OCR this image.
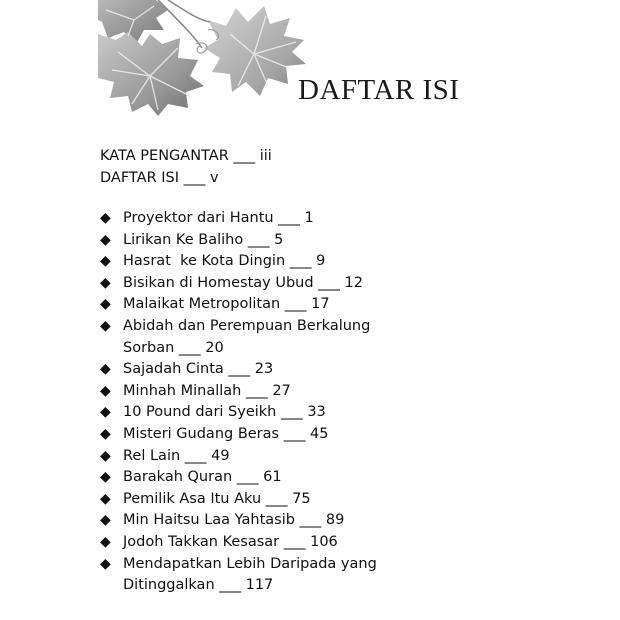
DAFTAR ISI
KATA PENGANTAR ___ iii
DAFTAR ISI ___ v
◆ Proyektor dari Hantu ___ 1
◆ Lirikan Ke Baliho ___ 5
◆ Hasrat  ke Kota Dingin ___ 9
◆ Bisikan di Homestay Ubud ___ 12
◆ Malaikat Metropolitan ___ 17
◆ Abidah dan Perempuan Berkalung
Sorban ___ 20
◆ Sajadah Cinta ___ 23
◆ Minhah Minallah ___ 27
◆ 10 Pound dari Syeikh ___ 33
◆ Misteri Gudang Beras ___ 45
◆ Rel Lain ___ 49
◆ Barakah Quran ___ 61
◆ Pemilik Asa Itu Aku ___ 75
◆ Min Haitsu Laa Yahtasib ___ 89
◆ Jodoh Takkan Kesasar ___ 106
◆ Mendapatkan Lebih Daripada yang
Ditinggalkan ___ 117
